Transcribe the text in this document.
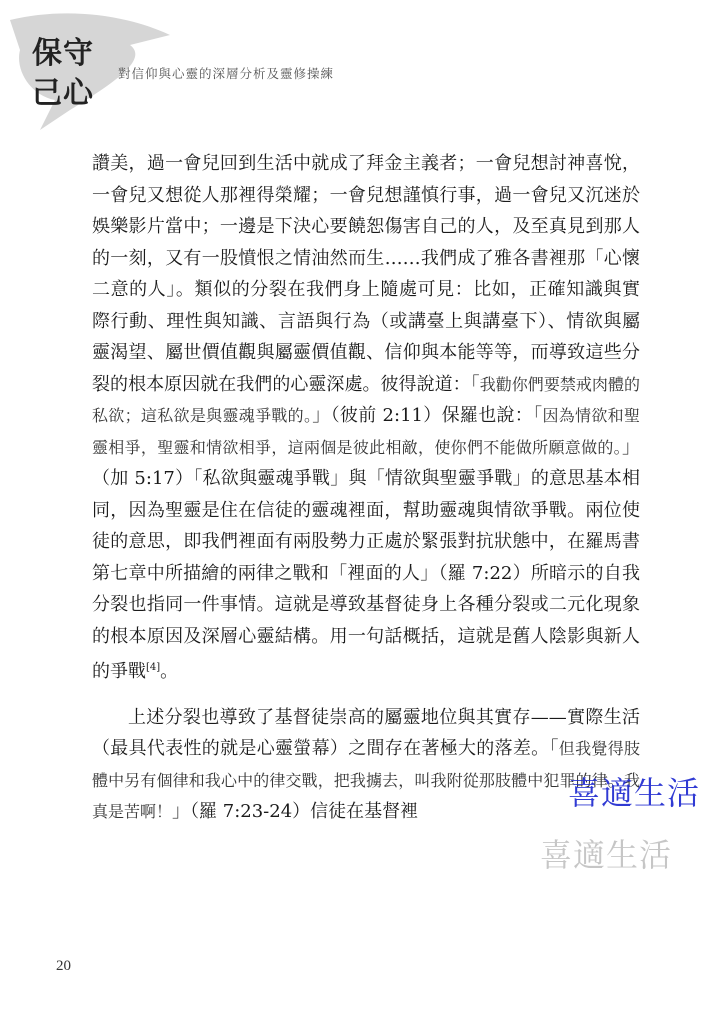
保守
己心
對信仰與心靈的深層分析及靈修操練

讚美，過一會兒回到生活中就成了拜金主義者；一會兒想討神喜悅，一會兒又想從人那裡得榮耀；一會兒想謹慎行事，過一會兒又沉迷於娛樂影片當中；一邊是下決心要饒恕傷害自己的人，及至真見到那人的一刻，又有一股憤恨之情油然而生……我們成了雅各書裡那「心懷二意的人」。類似的分裂在我們身上隨處可見：比如，正確知識與實際行動、理性與知識、言語與行為（或講臺上與講臺下）、情欲與屬靈渴望、屬世價值觀與屬靈價值觀、信仰與本能等等，而導致這些分裂的根本原因就在我們的心靈深處。彼得說道：「我勸你們要禁戒肉體的私欲；這私欲是與靈魂爭戰的。」（彼前 2:11）保羅也說：「因為情欲和聖靈相爭，聖靈和情欲相爭，這兩個是彼此相敵，使你們不能做所願意做的。」（加 5:17）「私欲與靈魂爭戰」與「情欲與聖靈爭戰」的意思基本相同，因為聖靈是住在信徒的靈魂裡面，幫助靈魂與情欲爭戰。兩位使徒的意思，即我們裡面有兩股勢力正處於緊張對抗狀態中，在羅馬書第七章中所描繪的兩律之戰和「裡面的人」（羅 7:22）所暗示的自我分裂也指同一件事情。這就是導致基督徒身上各種分裂或二元化現象的根本原因及深層心靈結構。用一句話概括，這就是舊人陰影與新人的爭戰[4]。

上述分裂也導致了基督徒崇高的屬靈地位與其實存——實際生活（最具代表性的就是心靈螢幕）之間存在著極大的落差。「但我覺得肢體中另有個律和我心中的律交戰，把我擄去，叫我附從那肢體中犯罪的律。我真是苦啊！」（羅 7:23-24）信徒在基督裡	喜適生活
喜適生活
20
